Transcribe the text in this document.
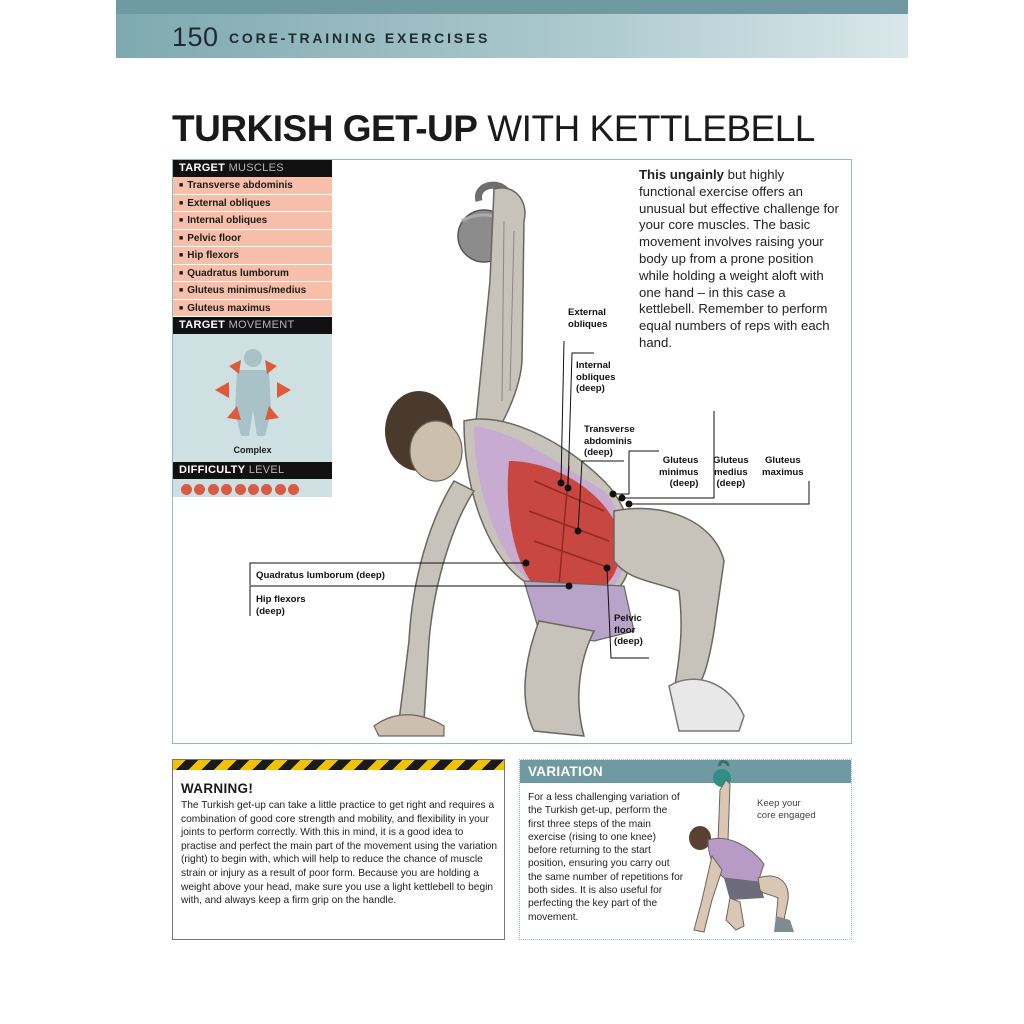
150 CORE-TRAINING EXERCISES
TURKISH GET-UP WITH KETTLEBELL
TARGET MUSCLES
■ Transverse abdominis
■ External obliques
■ Internal obliques
■ Pelvic floor
■ Hip flexors
■ Quadratus lumborum
■ Gluteus minimus/medius
■ Gluteus maximus
TARGET MOVEMENT
Complex
DIFFICULTY LEVEL
This ungainly but highly functional exercise offers an unusual but effective challenge for your core muscles. The basic movement involves raising your body up from a prone position while holding a weight aloft with one hand – in this case a kettlebell. Remember to perform equal numbers of reps with each hand.
External
obliques
Internal
obliques
(deep)
Transverse
abdominis
(deep)
Gluteus
minimus
(deep)
Gluteus
medius
(deep)
Gluteus
maximus
Quadratus lumborum (deep)
Hip flexors
(deep)
Pelvic
floor
(deep)
WARNING!
The Turkish get-up can take a little practice to get right and requires a combination of good core strength and mobility, and flexibility in your joints to perform correctly. With this in mind, it is a good idea to practise and perfect the main part of the movement using the variation (right) to begin with, which will help to reduce the chance of muscle strain or injury as a result of poor form. Because you are holding a weight above your head, make sure you use a light kettlebell to begin with, and always keep a firm grip on the handle.
VARIATION
For a less challenging variation of the Turkish get-up, perform the first three steps of the main exercise (rising to one knee) before returning to the start position, ensuring you carry out the same number of repetitions for both sides. It is also useful for perfecting the key part of the movement.
Keep your
core engaged
